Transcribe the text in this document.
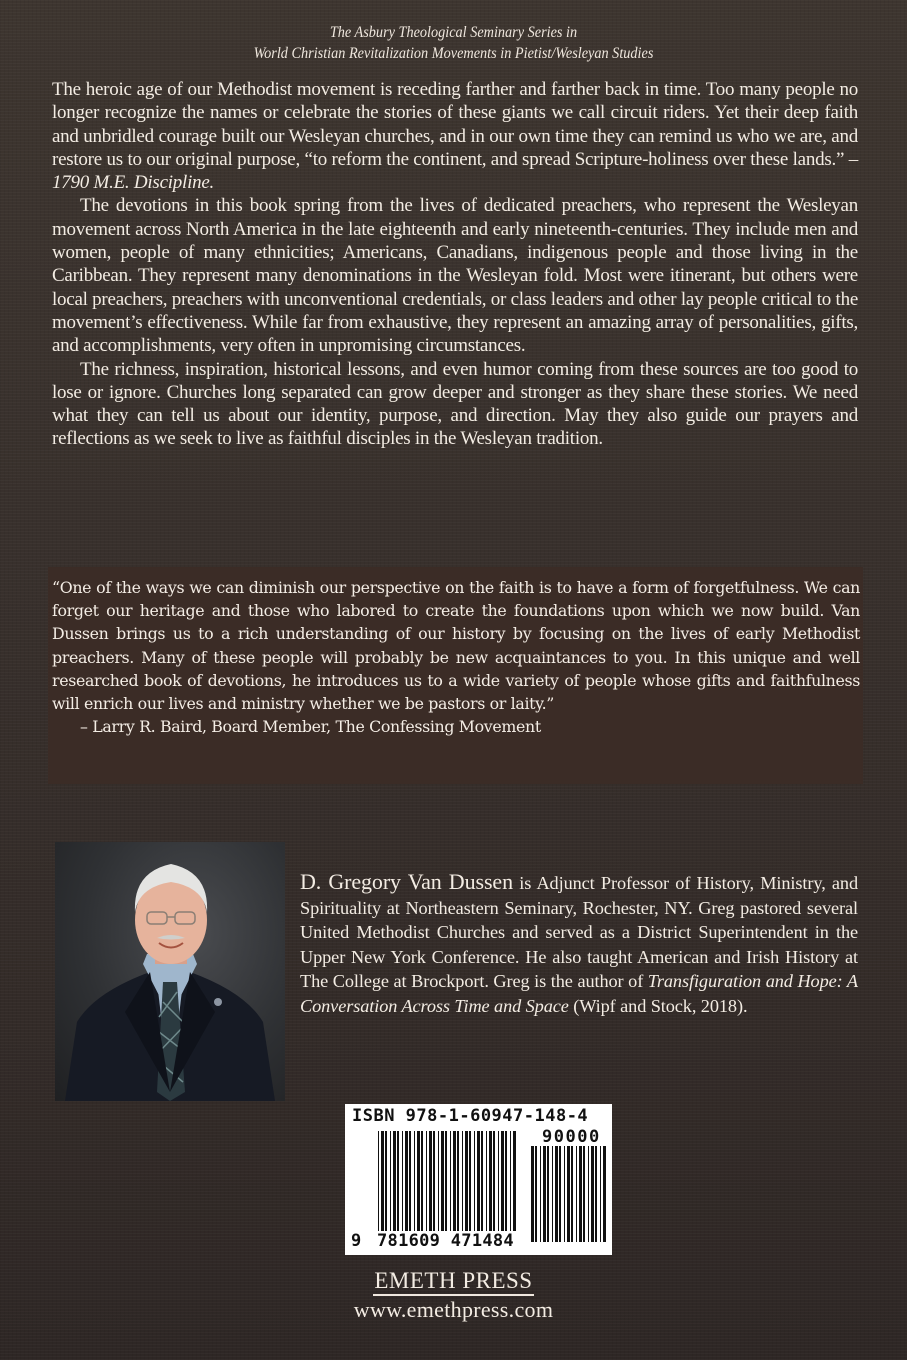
The Asbury Theological Seminary Series in
World Christian Revitalization Movements in Pietist/Wesleyan Studies

The heroic age of our Methodist movement is receding farther and farther back in time. Too many people no longer recognize the names or celebrate the stories of these giants we call circuit riders. Yet their deep faith and unbridled courage built our Wesleyan churches, and in our own time they can remind us who we are, and restore us to our original purpose, “to reform the continent, and spread Scripture-holiness over these lands.” – 1790 M.E. Discipline.

The devotions in this book spring from the lives of dedicated preachers, who represent the Wesleyan movement across North America in the late eighteenth and early nineteenth-centuries. They include men and women, people of many ethnicities; Americans, Canadians, indigenous people and those living in the Caribbean. They represent many denominations in the Wesleyan fold. Most were itinerant, but others were local preachers, preachers with unconventional credentials, or class leaders and other lay people critical to the movement’s effectiveness. While far from exhaustive, they represent an amazing array of personalities, gifts, and accomplishments, very often in unpromising circumstances.

The richness, inspiration, historical lessons, and even humor coming from these sources are too good to lose or ignore. Churches long separated can grow deeper and stronger as they share these stories. We need what they can tell us about our identity, purpose, and direction. May they also guide our prayers and reflections as we seek to live as faithful disciples in the Wesleyan tradition.

“One of the ways we can diminish our perspective on the faith is to have a form of forgetfulness. We can forget our heritage and those who labored to create the foundations upon which we now build. Van Dussen brings us to a rich understanding of our history by focusing on the lives of early Methodist preachers. Many of these people will probably be new acquaintances to you. In this unique and well researched book of devotions, he introduces us to a wide variety of people whose gifts and faithfulness will enrich our lives and ministry whether we be pastors or laity.”

– Larry R. Baird, Board Member, The Confessing Movement

D. Gregory Van Dussen is Adjunct Professor of History, Ministry, and Spirituality at Northeastern Seminary, Rochester, NY. Greg pastored several United Methodist Churches and served as a District Superintendent in the Upper New York Conference. He also taught American and Irish History at The College at Brockport. Greg is the author of Transfiguration and Hope: A Conversation Across Time and Space (Wipf and Stock, 2018).
ISBN 978-1-60947-148-4
90000
9 781609 471484
EMETH PRESS
www.emethpress.com
